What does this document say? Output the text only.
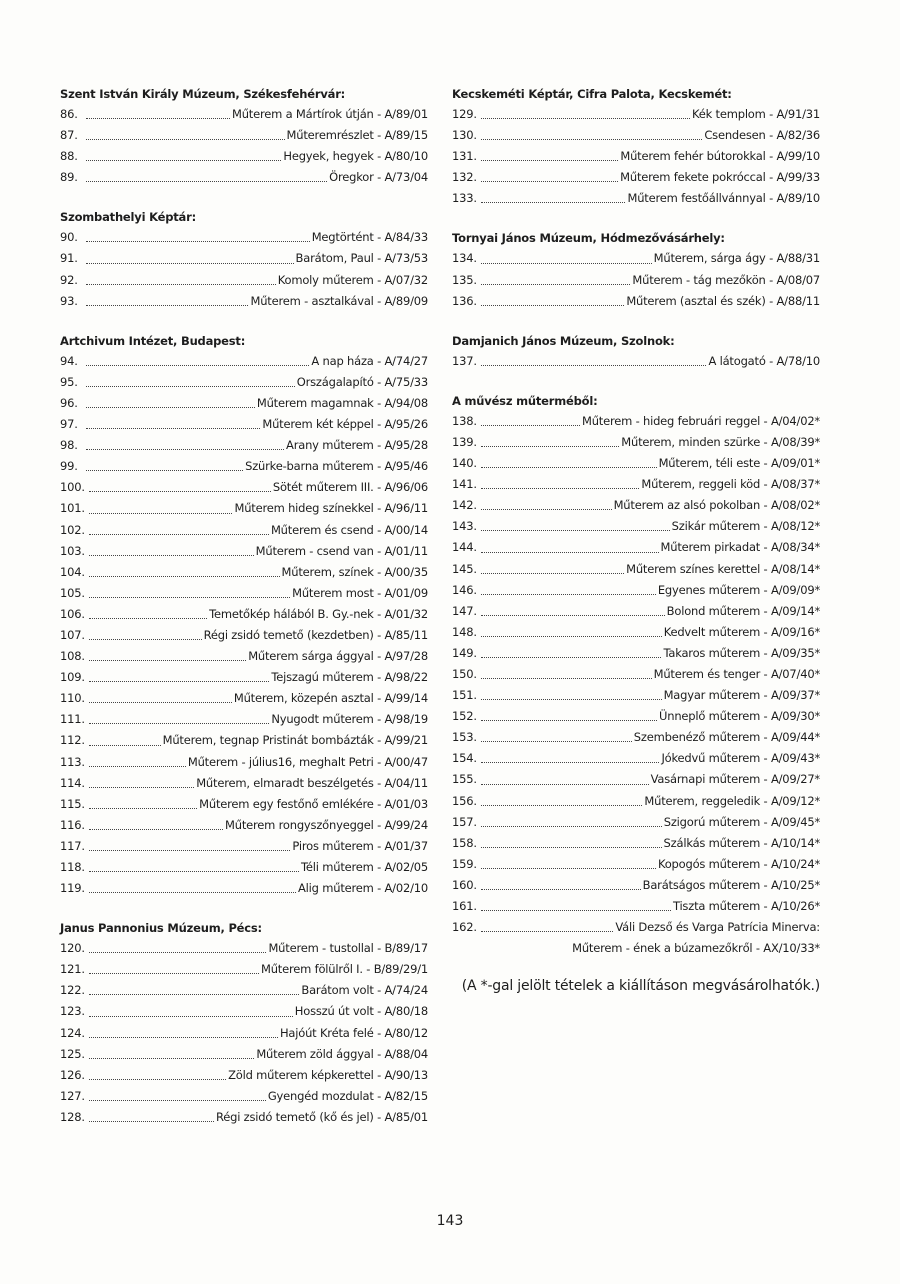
Szent István Király Múzeum, Székesfehérvár:
86.	Műterem a Mártírok útján - A/89/01
87.	Műteremrészlet - A/89/15
88.	Hegyek, hegyek - A/80/10
89.	Öregkor - A/73/04
Szombathelyi Képtár:
90.	Megtörtént - A/84/33
91.	Barátom, Paul - A/73/53
92.	Komoly műterem - A/07/32
93.	Műterem - asztalkával - A/89/09
Artchivum Intézet, Budapest:
94.	A nap háza - A/74/27
95.	Országalapító - A/75/33
96.	Műterem magamnak - A/94/08
97.	Műterem két képpel - A/95/26
98.	Arany műterem - A/95/28
99.	Szürke-barna műterem - A/95/46
100.	Sötét műterem III. - A/96/06
101.	Műterem hideg színekkel - A/96/11
102.	Műterem és csend - A/00/14
103.	Műterem - csend van - A/01/11
104.	Műterem, színek - A/00/35
105.	Műterem most - A/01/09
106.	Temetőkép hálából B. Gy.-nek - A/01/32
107.	Régi zsidó temető (kezdetben) - A/85/11
108.	Műterem sárga ággyal - A/97/28
109.	Tejszagú műterem - A/98/22
110.	Műterem, közepén asztal - A/99/14
111.	Nyugodt műterem - A/98/19
112.	Műterem, tegnap Pristinát bombázták - A/99/21
113.	Műterem - július16, meghalt Petri - A/00/47
114.	Műterem, elmaradt beszélgetés - A/04/11
115.	Műterem egy festőnő emlékére - A/01/03
116.	Műterem rongyszőnyeggel - A/99/24
117.	Piros műterem - A/01/37
118.	Téli műterem - A/02/05
119.	Alig műterem - A/02/10
Janus Pannonius Múzeum, Pécs:
120.	Műterem - tustollal - B/89/17
121.	Műterem fölülről I. - B/89/29/1
122.	Barátom volt - A/74/24
123.	Hosszú út volt - A/80/18
124.	Hajóút Kréta felé - A/80/12
125.	Műterem zöld ággyal - A/88/04
126.	Zöld műterem képkerettel - A/90/13
127.	Gyengéd mozdulat - A/82/15
128.	Régi zsidó temető (kő és jel) - A/85/01
Kecskeméti Képtár, Cifra Palota, Kecskemét:
129.	Kék templom - A/91/31
130.	Csendesen - A/82/36
131.	Műterem fehér bútorokkal - A/99/10
132.	Műterem fekete pokróccal - A/99/33
133.	Műterem festőállvánnyal - A/89/10
Tornyai János Múzeum, Hódmezővásárhely:
134.	Műterem, sárga ágy - A/88/31
135.	Műterem - tág mezőkön - A/08/07
136.	Műterem (asztal és szék) - A/88/11
Damjanich János Múzeum, Szolnok:
137.	A látogató - A/78/10
A művész műterméből:
138.	Műterem - hideg februári reggel - A/04/02*
139.	Műterem, minden szürke - A/08/39*
140.	Műterem, téli este - A/09/01*
141.	Műterem, reggeli köd - A/08/37*
142.	Műterem az alsó pokolban - A/08/02*
143.	Szikár műterem - A/08/12*
144.	Műterem pirkadat - A/08/34*
145.	Műterem színes kerettel - A/08/14*
146.	Egyenes műterem - A/09/09*
147.	Bolond műterem - A/09/14*
148.	Kedvelt műterem - A/09/16*
149.	Takaros műterem - A/09/35*
150.	Műterem és tenger - A/07/40*
151.	Magyar műterem - A/09/37*
152.	Ünneplő műterem - A/09/30*
153.	Szembenéző műterem - A/09/44*
154.	Jókedvű műterem - A/09/43*
155.	Vasárnapi műterem - A/09/27*
156.	Műterem, reggeledik - A/09/12*
157.	Szigorú műterem - A/09/45*
158.	Szálkás műterem - A/10/14*
159.	Kopogós műterem - A/10/24*
160.	Barátságos műterem - A/10/25*
161.	Tiszta műterem - A/10/26*
162.	Váli Dezső és Varga Patrícia Minerva:
Műterem - ének a búzamezőkről - AX/10/33*
(A *-gal jelölt tételek a kiállításon megvásárolhatók.)
143
